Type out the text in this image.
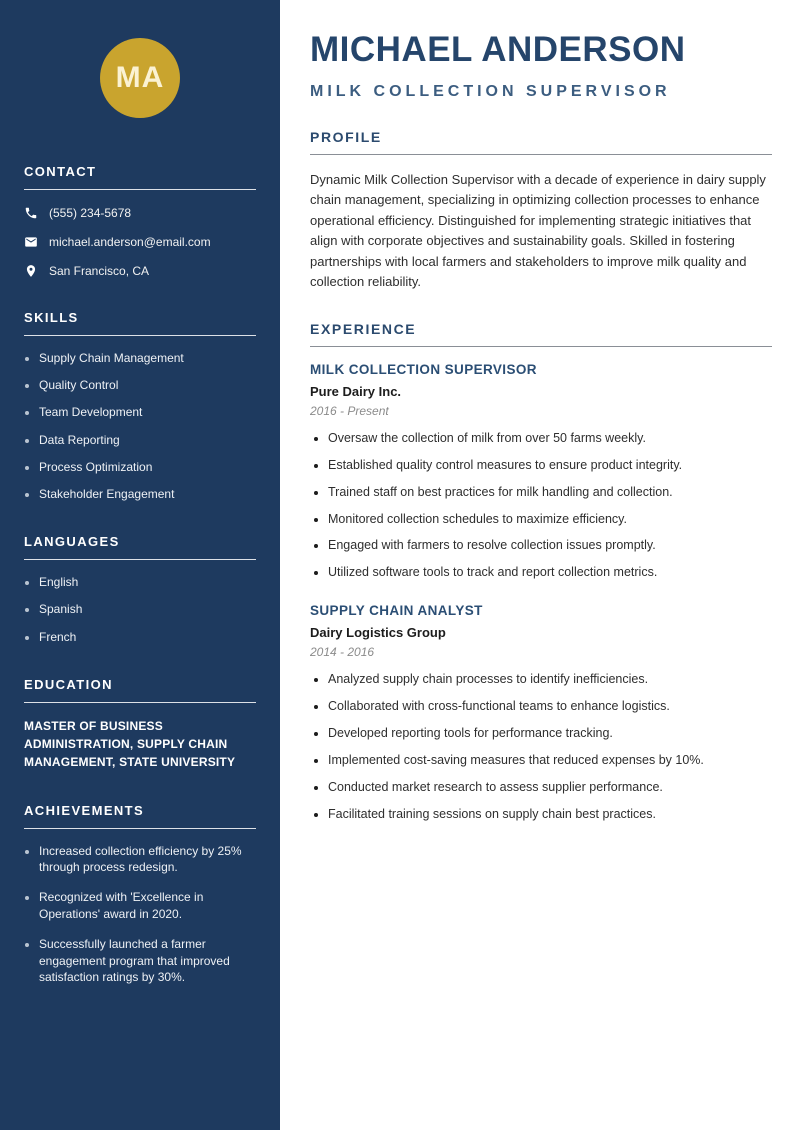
MA
CONTACT
(555) 234-5678
michael.anderson@email.com
San Francisco, CA
SKILLS
• Supply Chain Management
• Quality Control
• Team Development
• Data Reporting
• Process Optimization
• Stakeholder Engagement
LANGUAGES
• English
• Spanish
• French
EDUCATION

MASTER OF BUSINESS ADMINISTRATION, SUPPLY CHAIN MANAGEMENT, STATE UNIVERSITY

ACHIEVEMENTS
• Increased collection efficiency by 25% through process redesign.
• Recognized with 'Excellence in Operations' award in 2020.
• Successfully launched a farmer engagement program that improved satisfaction ratings by 30%.
MICHAEL ANDERSON
MILK COLLECTION SUPERVISOR
PROFILE

Dynamic Milk Collection Supervisor with a decade of experience in dairy supply chain management, specializing in optimizing collection processes to enhance operational efficiency. Distinguished for implementing strategic initiatives that align with corporate objectives and sustainability goals. Skilled in fostering partnerships with local farmers and stakeholders to improve milk quality and collection reliability.

EXPERIENCE
MILK COLLECTION SUPERVISOR
Pure Dairy Inc.
2016 - Present
• Oversaw the collection of milk from over 50 farms weekly.
• Established quality control measures to ensure product integrity.
• Trained staff on best practices for milk handling and collection.
• Monitored collection schedules to maximize efficiency.
• Engaged with farmers to resolve collection issues promptly.
• Utilized software tools to track and report collection metrics.
SUPPLY CHAIN ANALYST
Dairy Logistics Group
2014 - 2016
• Analyzed supply chain processes to identify inefficiencies.
• Collaborated with cross-functional teams to enhance logistics.
• Developed reporting tools for performance tracking.
• Implemented cost-saving measures that reduced expenses by 10%.
• Conducted market research to assess supplier performance.
• Facilitated training sessions on supply chain best practices.
